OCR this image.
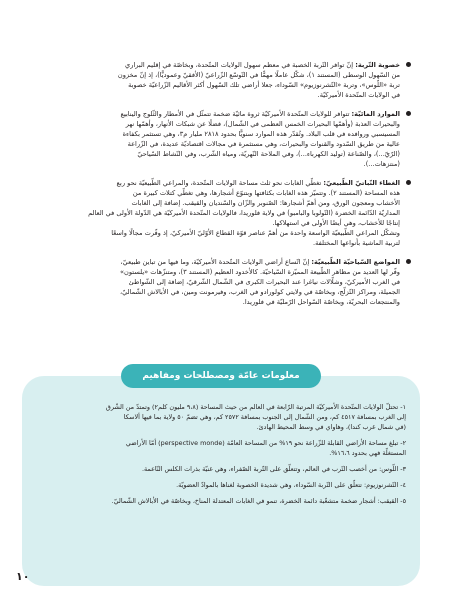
خصوبة التّربة: إنّ توافر التّربة الخصبة في معظم سهول الولايات المتّحدة، وبخاصّة في إقليم البراري
من السّهول الوسطى (المستند ١)، شكّل عاملًا مهمًّا في التّوسّع الزّراعيّ (الأفقيّ وعموديًّا)، إذ إنّ مخزون
تربة «اللّوس»، وتربة «التّشرنوزيوم» السّوداء، جعلا أراضي تلك السّهول أكثر الأقاليم الزّراعيّة خصوبة
في الولايات المتّحدة الأميركيّة.
الموارد المائيّة: تتوافر للولايات المتّحدة الأميركيّة ثروة مائيّة ضخمة تتمثّل في الأمطار والثّلوج والينابيع
والبحيرات العذبة (وأهمّها البحيرات الخمس العظمى في الشّمال)، فضلًا عن شبكات الأنهار، وأهمّها نهر
المسيسبي وروافده في قلب البلاد. وتُقدّر هذه الموارد سنويًّا بحدود ٢٨١٨ مليار م٣، وهي تستثمر بكفاءة
عالية من طريق السّدود والقنوات والبحيرات، وهي مستثمرة في مجالات اقتصاديّة عديدة، في الزّراعة
(الرّيّ...)، والصّناعة (توليد الكهرباء...)، وفي الملاحة النّهريّة، ومياه الشّرب، وفي النّشاط السّياحيّ
(منتزهات...).
الغطاء النّباتيّ الطّبيعيّ: تغطّي الغابات نحو ثلث مساحة الولايات المتّحدة، والمراعي الطّبيعيّة نحو ربع
هذه المساحة (المستند ٢). وتتميّز هذه الغابات بكثافتها وبتنوّع أشجارها، وهي تغطّي كتلات كبيرة من
الأخشاب ومعجون الورق، ومن أهمّ أشجارها: الصّنوبر والزّان والسّنديان والقيقب. إضافة إلى الغابات
المداريّة الدّائمة الخضرة (التّولوبا والبامبو) في ولاية فلوريدا، فالولايات المتّحدة الأميركيّة هي الدّولة الأولى في العالم
إنتاجًا للأخشاب، وهي أيضًا الأولى في استهلاكها.
وتشكّل المراعي الطّبيعيّة الواسعة واحدة من أهمّ عناصر قوّة القطاع الأوّليّ الأميركيّ، إذ وفّرت مجالًا واسعًا
لتربية الماشية بأنواعها المختلفة.
المواضع السّياحيّة الطّبيعيّة: إنّ اتّساع أراضي الولايات المتّحدة الأميركيّة، وما فيها من تباين طبيعيّ،
وفّر لها العديد من مظاهر الطّبيعة المميّزة السّياحيّة. كالأخدود العظيم (المستند ٣)، ومتنزّهات «يلستون»
في الغرب الأميركيّ، وشلّالات نياغرا عند البحيرات الكبرى في الشّمال الشّرقيّ، إضافة إلى الشّواطئ
الجميلة، ومراكز التّزلّج، وبخاصّة في ولايتي كولورادو في الغرب، وفيرمونت ومين، في الأبالاش الشّماليّ،
والمنتجعات البحريّة، وبخاصّة السّواحل الرّمليّة في فلوريدا.
معلومات عامّة ومصطلحات ومفاهيم
١- تحتلّ الولايات المتّحدة الأميركيّة المرتبة الرّابعة في العالم من حيث المساحة (٩،٨ مليون كلم٢) وتمتدّ من الشّرق
إلى الغرب بمسافة ٤٥١٧ كم، ومن الشّمال إلى الجنوب بمسافة ٢٥٧٢ كم، وهي تضمّ ٥٠ ولاية بما فيها ألاسكا
(في شمال غرب كندا)، وهاواي في وسط المحيط الهادئ.
٢- تبلغ مساحة الأراضي القابلة للزّراعة نحو ١٩% من المساحة العامّة (perspective monde) أمّا الأراضي
المستغلّة فهي بحدود ١٦،٦%.
٣- اللّوس: من أخصب التّرب في العالم، وتتعلّق على التّربة الصّفراء، وهي غنيّة بذرات الكلس النّاعمة.
٤- التّشرنوزيوم: تتعلّق على التّربة السّوداء، وهي شديدة الخصوبة لغناها بالموادّ العضويّة.
٥- القيقب: أشجار ضخمة متشعّبة دائمة الخضرة، تنمو في الغابات المعتدلة المناخ، وبخاصّة في الأبالاش الشّماليّ.
١٠
